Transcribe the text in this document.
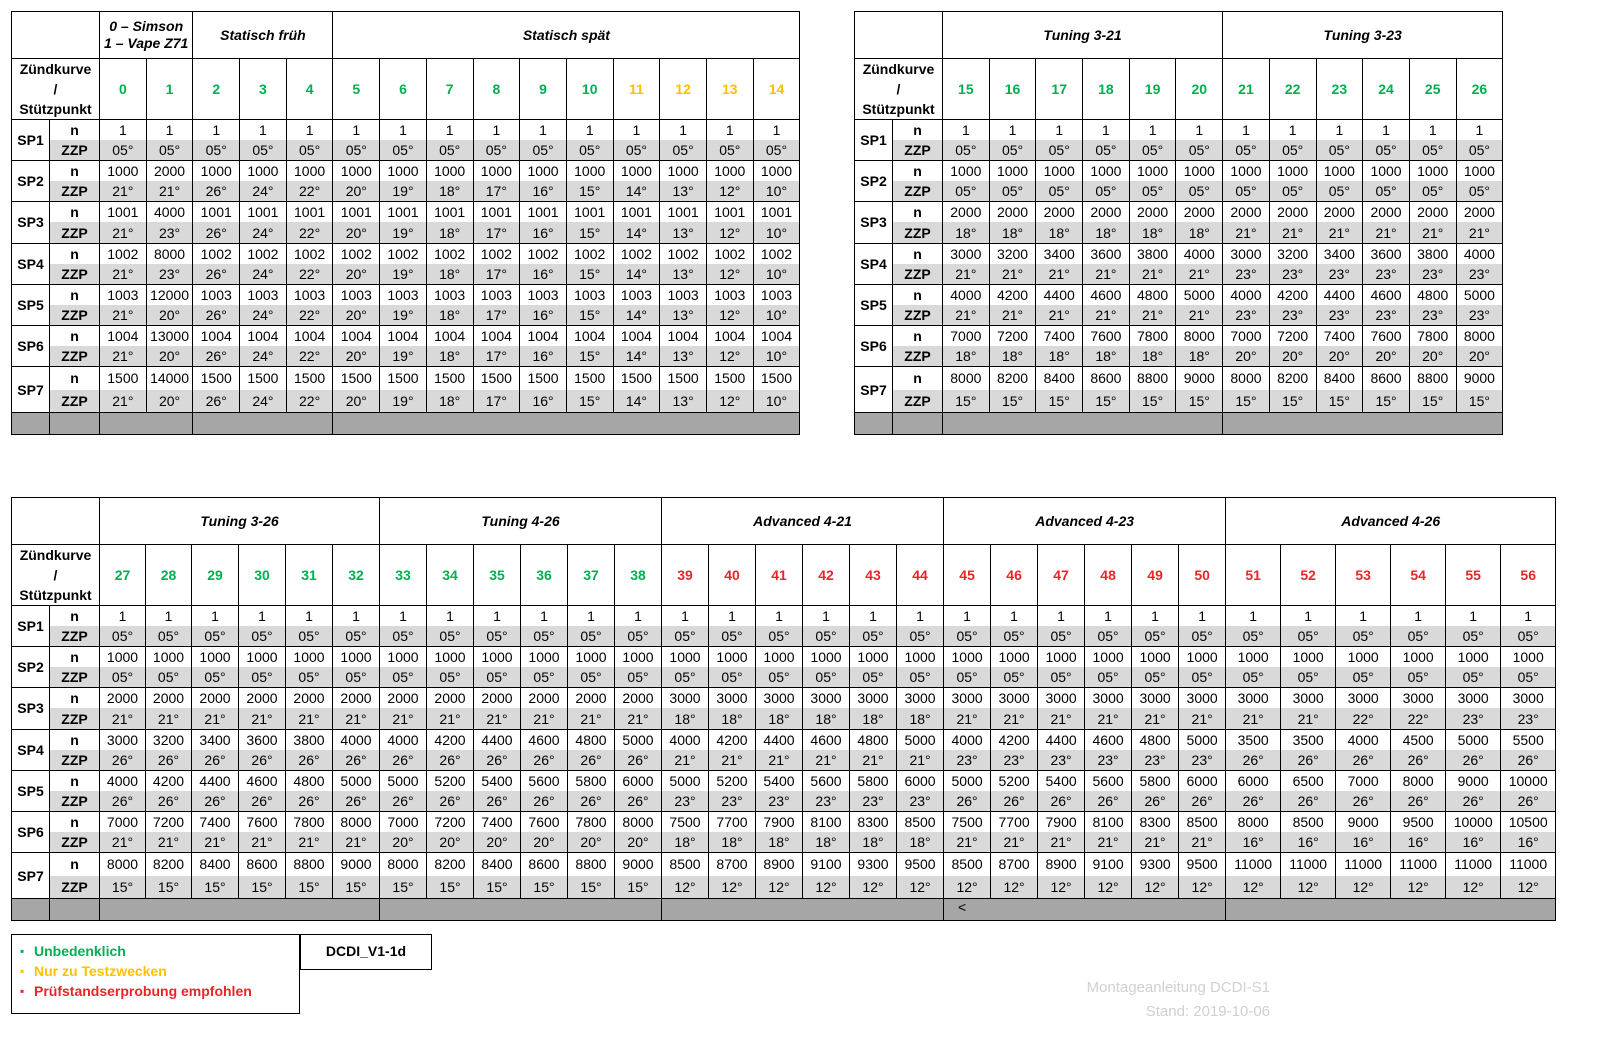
		0 – Simson
1 – Vape Z71		Statisch früh			Statisch spät									

Zündkurve
/
Stützpunkt		0	1	2	3	4	5	6	7	8	9	10	11	12	13	14
SP1	n	1	1	1	1	1	1	1	1	1	1	1	1	1	1	1
	ZZP	05°	05°	05°	05°	05°	05°	05°	05°	05°	05°	05°	05°	05°	05°	05°
SP2	n	1000	2000	1000	1000	1000	1000	1000	1000	1000	1000	1000	1000	1000	1000	1000
	ZZP	21°	21°	26°	24°	22°	20°	19°	18°	17°	16°	15°	14°	13°	12°	10°
SP3	n	1001	4000	1001	1001	1001	1001	1001	1001	1001	1001	1001	1001	1001	1001	1001
	ZZP	21°	23°	26°	24°	22°	20°	19°	18°	17°	16°	15°	14°	13°	12°	10°
SP4	n	1002	8000	1002	1002	1002	1002	1002	1002	1002	1002	1002	1002	1002	1002	1002
	ZZP	21°	23°	26°	24°	22°	20°	19°	18°	17°	16°	15°	14°	13°	12°	10°
SP5	n	1003	12000	1003	1003	1003	1003	1003	1003	1003	1003	1003	1003	1003	1003	1003
	ZZP	21°	20°	26°	24°	22°	20°	19°	18°	17°	16°	15°	14°	13°	12°	10°
SP6	n	1004	13000	1004	1004	1004	1004	1004	1004	1004	1004	1004	1004	1004	1004	1004
	ZZP	21°	20°	26°	24°	22°	20°	19°	18°	17°	16°	15°	14°	13°	12°	10°
SP7	n	1500	14000	1500	1500	1500	1500	1500	1500	1500	1500	1500	1500	1500	1500	1500
	ZZP	21°	20°	26°	24°	22°	20°	19°	18°	17°	16°	15°	14°	13°	12°	10°

		Tuning 3-21						Tuning 3-23					

Zündkurve
/
Stützpunkt		15	16	17	18	19	20	21	22	23	24	25	26
SP1	n	1	1	1	1	1	1	1	1	1	1	1	1
	ZZP	05°	05°	05°	05°	05°	05°	05°	05°	05°	05°	05°	05°
SP2	n	1000	1000	1000	1000	1000	1000	1000	1000	1000	1000	1000	1000
	ZZP	05°	05°	05°	05°	05°	05°	05°	05°	05°	05°	05°	05°
SP3	n	2000	2000	2000	2000	2000	2000	2000	2000	2000	2000	2000	2000
	ZZP	18°	18°	18°	18°	18°	18°	21°	21°	21°	21°	21°	21°
SP4	n	3000	3200	3400	3600	3800	4000	3000	3200	3400	3600	3800	4000
	ZZP	21°	21°	21°	21°	21°	21°	23°	23°	23°	23°	23°	23°
SP5	n	4000	4200	4400	4600	4800	5000	4000	4200	4400	4600	4800	5000
	ZZP	21°	21°	21°	21°	21°	21°	23°	23°	23°	23°	23°	23°
SP6	n	7000	7200	7400	7600	7800	8000	7000	7200	7400	7600	7800	8000
	ZZP	18°	18°	18°	18°	18°	18°	20°	20°	20°	20°	20°	20°
SP7	n	8000	8200	8400	8600	8800	9000	8000	8200	8400	8600	8800	9000
	ZZP	15°	15°	15°	15°	15°	15°	15°	15°	15°	15°	15°	15°

		Tuning 3-26						Tuning 4-26						Advanced 4-21						Advanced 4-23						Advanced 4-26					

Zündkurve
/
Stützpunkt		27	28	29	30	31	32	33	34	35	36	37	38	39	40	41	42	43	44	45	46	47	48	49	50	51	52	53	54	55	56
SP1	n	1	1	1	1	1	1	1	1	1	1	1	1	1	1	1	1	1	1	1	1	1	1	1	1	1	1	1	1	1	1
	ZZP	05°	05°	05°	05°	05°	05°	05°	05°	05°	05°	05°	05°	05°	05°	05°	05°	05°	05°	05°	05°	05°	05°	05°	05°	05°	05°	05°	05°	05°	05°
SP2	n	1000	1000	1000	1000	1000	1000	1000	1000	1000	1000	1000	1000	1000	1000	1000	1000	1000	1000	1000	1000	1000	1000	1000	1000	1000	1000	1000	1000	1000	1000
	ZZP	05°	05°	05°	05°	05°	05°	05°	05°	05°	05°	05°	05°	05°	05°	05°	05°	05°	05°	05°	05°	05°	05°	05°	05°	05°	05°	05°	05°	05°	05°
SP3	n	2000	2000	2000	2000	2000	2000	2000	2000	2000	2000	2000	2000	3000	3000	3000	3000	3000	3000	3000	3000	3000	3000	3000	3000	3000	3000	3000	3000	3000	3000
	ZZP	21°	21°	21°	21°	21°	21°	21°	21°	21°	21°	21°	21°	18°	18°	18°	18°	18°	18°	21°	21°	21°	21°	21°	21°	21°	21°	22°	22°	23°	23°
SP4	n	3000	3200	3400	3600	3800	4000	4000	4200	4400	4600	4800	5000	4000	4200	4400	4600	4800	5000	4000	4200	4400	4600	4800	5000	3500	3500	4000	4500	5000	5500
	ZZP	26°	26°	26°	26°	26°	26°	26°	26°	26°	26°	26°	26°	21°	21°	21°	21°	21°	21°	23°	23°	23°	23°	23°	23°	26°	26°	26°	26°	26°	26°
SP5	n	4000	4200	4400	4600	4800	5000	5000	5200	5400	5600	5800	6000	5000	5200	5400	5600	5800	6000	5000	5200	5400	5600	5800	6000	6000	6500	7000	8000	9000	10000
	ZZP	26°	26°	26°	26°	26°	26°	26°	26°	26°	26°	26°	26°	23°	23°	23°	23°	23°	23°	26°	26°	26°	26°	26°	26°	26°	26°	26°	26°	26°	26°
SP6	n	7000	7200	7400	7600	7800	8000	7000	7200	7400	7600	7800	8000	7500	7700	7900	8100	8300	8500	7500	7700	7900	8100	8300	8500	8000	8500	9000	9500	10000	10500
	ZZP	21°	21°	21°	21°	21°	21°	20°	20°	20°	20°	20°	20°	18°	18°	18°	18°	18°	18°	21°	21°	21°	21°	21°	21°	16°	16°	16°	16°	16°	16°
SP7	n	8000	8200	8400	8600	8800	9000	8000	8200	8400	8600	8800	9000	8500	8700	8900	9100	9300	9500	8500	8700	8900	9100	9300	9500	11000	11000	11000	11000	11000	11000
	ZZP	15°	15°	15°	15°	15°	15°	15°	15°	15°	15°	15°	15°	12°	12°	12°	12°	12°	12°	12°	12°	12°	12°	12°	12°	12°	12°	12°	12°	12°	12°

▪ Unbedenklich
▪ Nur zu Testzwecken
▪ Prüfstandserprobung empfohlen
DCDI_V1-1d
Montageanleitung DCDI-S1
Stand: 2019-10-06
<
